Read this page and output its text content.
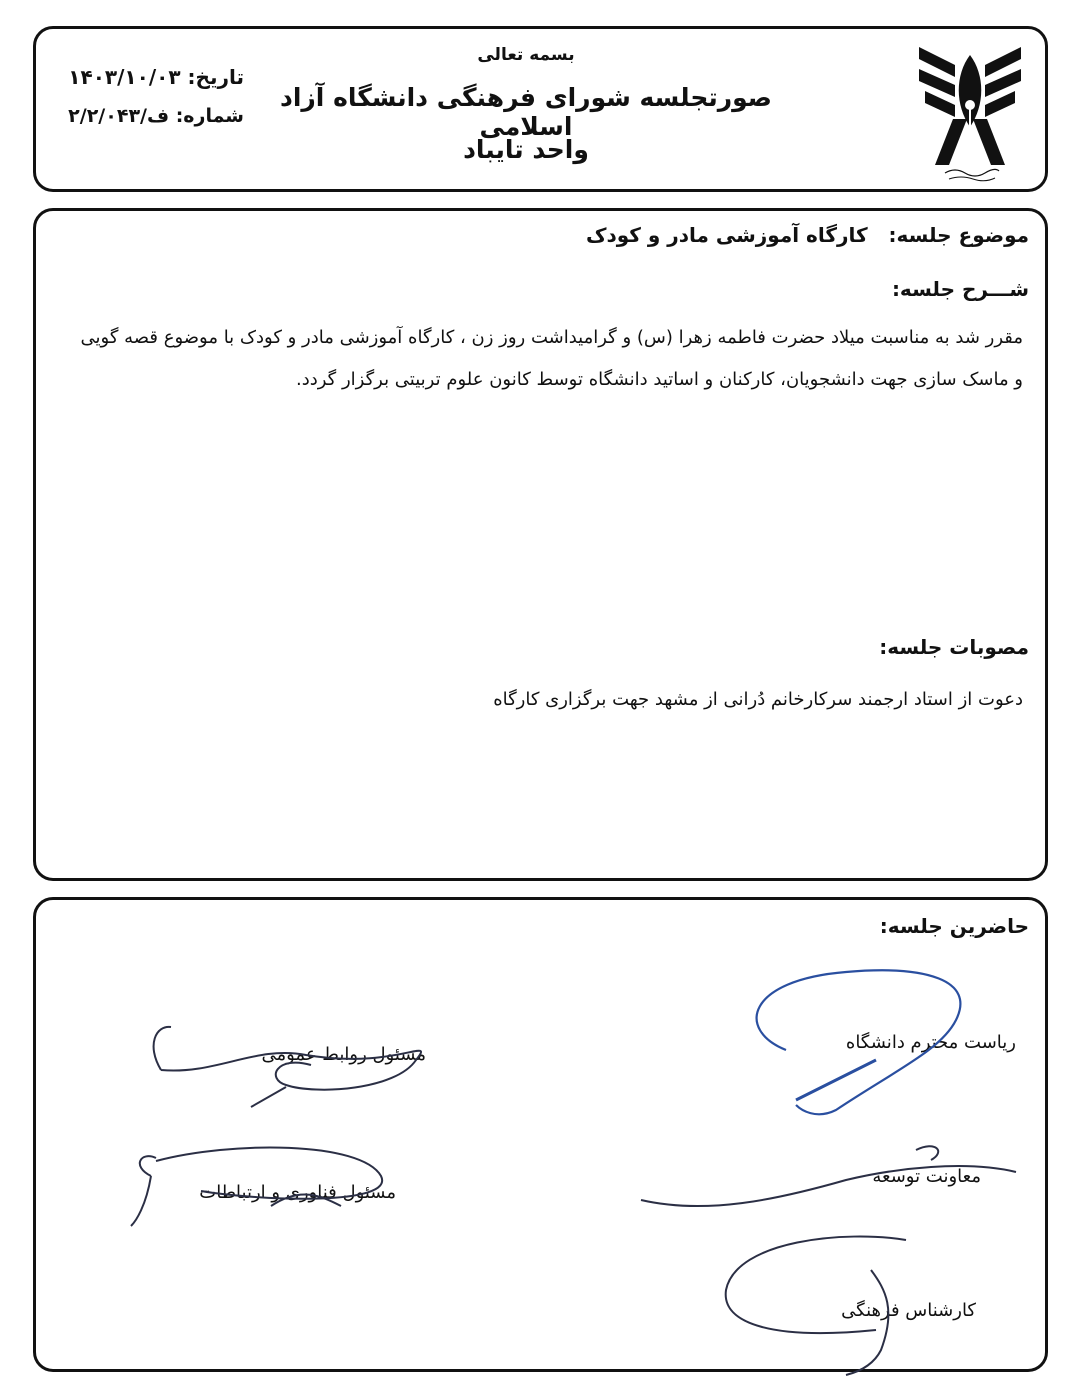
بسمه تعالی
صورتجلسه شورای فرهنگی دانشگاه آزاد اسلامی
واحد تایباد
تاریخ: ۱۴۰۳/۱۰/۰۳
شماره: ف/۲/۲/۰۴۳
موضوع جلسه:   کارگاه آموزشی مادر و کودک
شـــرح جلسه:
مقرر شد به مناسبت میلاد حضرت فاطمه زهرا (س) و گرامیداشت روز زن ، کارگاه آموزشی مادر و کودک با موضوع قصه گویی
و ماسک سازی جهت دانشجویان، کارکنان و اساتید دانشگاه توسط کانون علوم تربیتی برگزار گردد.
مصوبات جلسه:
دعوت از استاد ارجمند سرکارخانم دُرانی از مشهد جهت برگزاری کارگاه
حاضرین جلسه:
ریاست محترم دانشگاه
مسئول روابط عمومی
معاونت توسعه
مسئول فناوری و ارتباطات
کارشناس فرهنگی
